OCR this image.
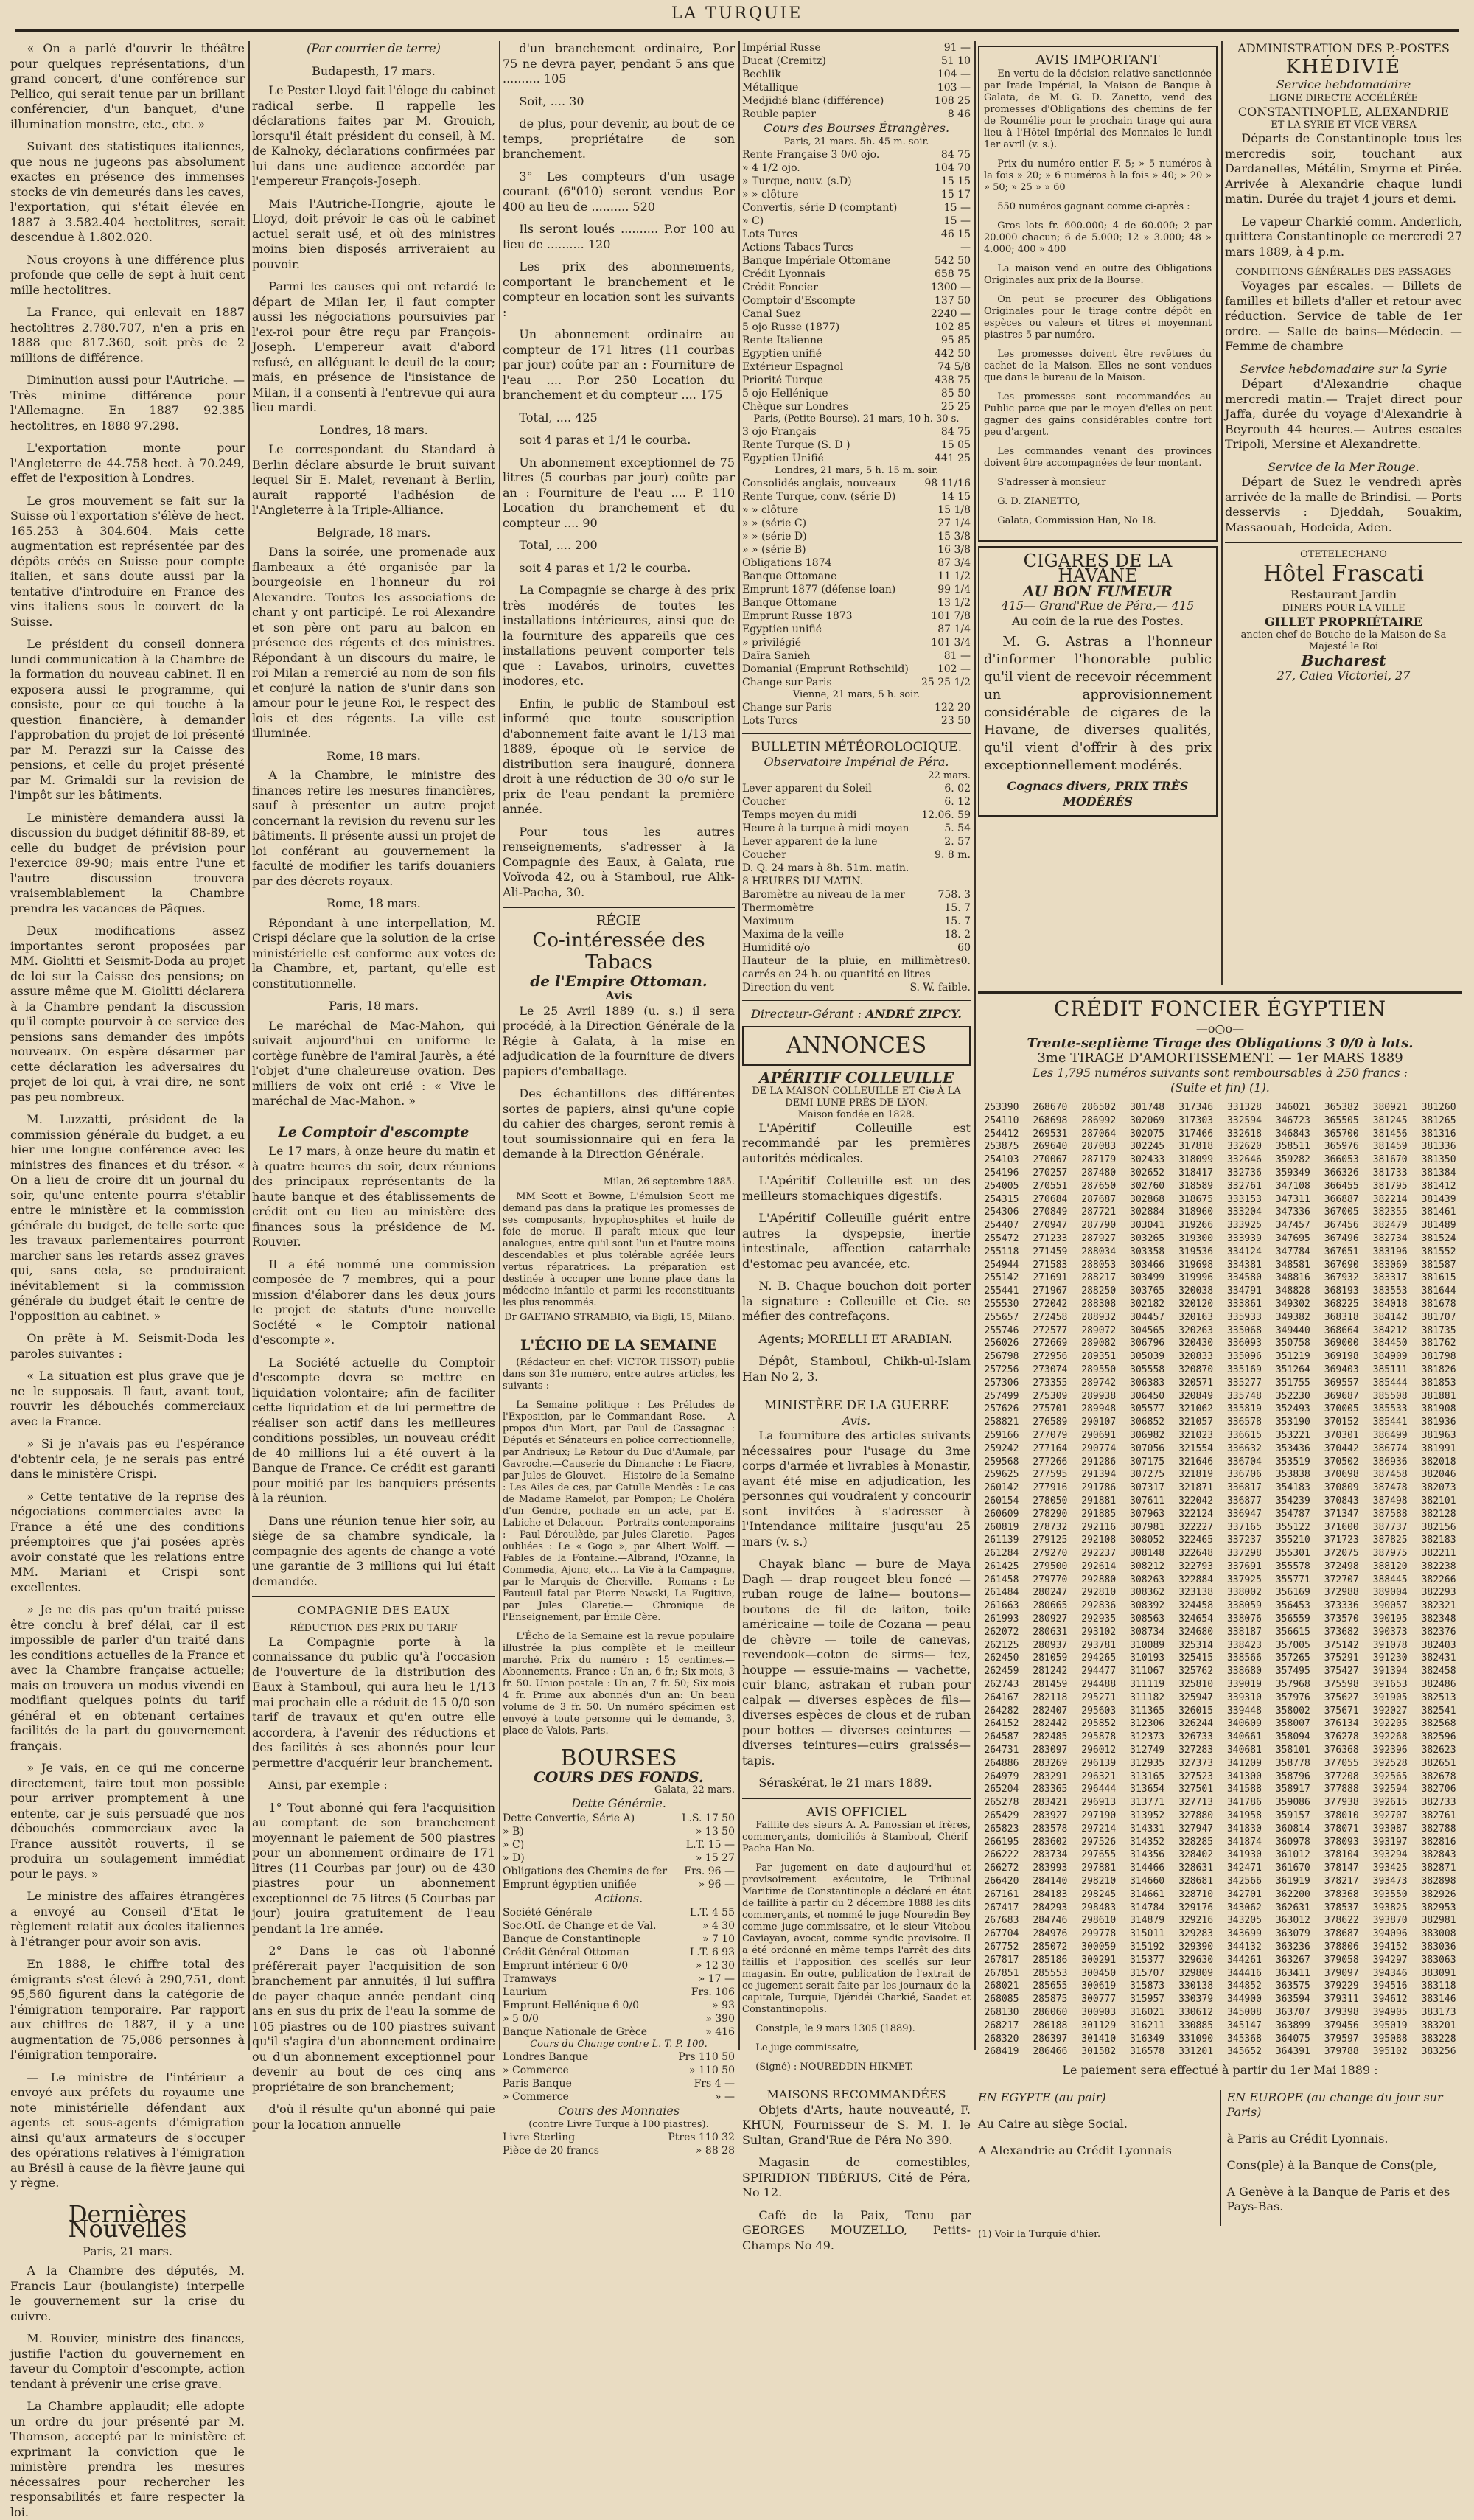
LA TURQUIE

« On a parlé d'ouvrir le théâtre pour quelques représentations, d'un grand concert, d'une conférence sur Pellico, qui serait tenue par un brillant conférencier, d'un banquet, d'une illumination monstre, etc., etc. »

Suivant des statistiques italiennes, que nous ne jugeons pas absolument exactes en présence des immenses stocks de vin demeurés dans les caves, l'exportation, qui s'était élevée en 1887 à 3.582.404 hectolitres, serait descendue à 1.802.020.

Nous croyons à une différence plus profonde que celle de sept à huit cent mille hectolitres.

La France, qui enlevait en 1887 hectolitres 2.780.707, n'en a pris en 1888 que 817.360, soit près de 2 millions de différence.

Diminution aussi pour l'Autriche. — Très minime différence pour l'Allemagne. En 1887 92.385 hectolitres, en 1888 97.298.

L'exportation monte pour l'Angleterre de 44.758 hect. à 70.249, effet de l'exposition à Londres.

Le gros mouvement se fait sur la Suisse où l'exportation s'élève de hect. 165.253 à 304.604. Mais cette augmentation est représentée par des dépôts créés en Suisse pour compte italien, et sans doute aussi par la tentative d'introduire en France des vins italiens sous le couvert de la Suisse.

Le président du conseil donnera lundi communication à la Chambre de la formation du nouveau cabinet. Il en exposera aussi le programme, qui consiste, pour ce qui touche à la question financière, à demander l'approbation du projet de loi présenté par M. Perazzi sur la Caisse des pensions, et celle du projet présenté par M. Grimaldi sur la revision de l'impôt sur les bâtiments.

Le ministère demandera aussi la discussion du budget définitif 88-89, et celle du budget de prévision pour l'exercice 89-90; mais entre l'une et l'autre discussion trouvera vraisemblablement la Chambre prendra les vacances de Pâques.

Deux modifications assez importantes seront proposées par MM. Giolitti et Seismit-Doda au projet de loi sur la Caisse des pensions; on assure même que M. Giolitti déclarera à la Chambre pendant la discussion qu'il compte pourvoir à ce service des pensions sans demander des impôts nouveaux. On espère désarmer par cette déclaration les adversaires du projet de loi qui, à vrai dire, ne sont pas peu nombreux.

M. Luzzatti, président de la commission générale du budget, a eu hier une longue conférence avec les ministres des finances et du trésor. « On a lieu de croire dit un journal du soir, qu'une entente pourra s'établir entre le ministère et la commission générale du budget, de telle sorte que les travaux parlementaires pourront marcher sans les retards assez graves qui, sans cela, se produiraient inévitablement si la commission générale du budget était le centre de l'opposition au cabinet. »

On prête à M. Seismit-Doda les paroles suivantes :

« La situation est plus grave que je ne le supposais. Il faut, avant tout, rouvrir les débouchés commerciaux avec la France.

» Si je n'avais pas eu l'espérance d'obtenir cela, je ne serais pas entré dans le ministère Crispi.

» Cette tentative de la reprise des négociations commerciales avec la France a été une des conditions préemptoires que j'ai posées après avoir constaté que les relations entre MM. Mariani et Crispi sont excellentes.

» Je ne dis pas qu'un traité puisse être conclu à bref délai, car il est impossible de parler d'un traité dans les conditions actuelles de la France et avec la Chambre française actuelle; mais on trouvera un modus vivendi en modifiant quelques points du tarif général et en obtenant certaines facilités de la part du gouvernement français.

» Je vais, en ce qui me concerne directement, faire tout mon possible pour arriver promptement à une entente, car je suis persuadé que nos débouchés commerciaux avec la France aussitôt rouverts, il se produira un soulagement immédiat pour le pays. »

Le ministre des affaires étrangères a envoyé au Conseil d'Etat le règlement relatif aux écoles italiennes à l'étranger pour avoir son avis.

En 1888, le chiffre total des émigrants s'est élevé à 290,751, dont 95,560 figurent dans la catégorie de l'émigration temporaire. Par rapport aux chiffres de 1887, il y a une augmentation de 75,086 personnes à l'émigration temporaire.

— Le ministre de l'intérieur a envoyé aux préfets du royaume une note ministérielle défendant aux agents et sous-agents d'émigration ainsi qu'aux armateurs de s'occuper des opérations relatives à l'émigration au Brésil à cause de la fièvre jaune qui y règne.

Dernières Nouvelles
Paris, 21 mars.

A la Chambre des députés, M. Francis Laur (boulangiste) interpelle le gouvernement sur la crise du cuivre.

M. Rouvier, ministre des finances, justifie l'action du gouvernement en faveur du Comptoir d'escompte, action tendant à prévenir une crise grave.

La Chambre applaudit; elle adopte un ordre du jour présenté par M. Thomson, accepté par le ministère et exprimant la conviction que le ministère prendra les mesures nécessaires pour rechercher les responsabilités et faire respecter la loi.

(Par courrier de terre)
Budapesth, 17 mars.

Le Pester Lloyd fait l'éloge du cabinet radical serbe. Il rappelle les déclarations faites par M. Grouich, lorsqu'il était président du conseil, à M. de Kalnoky, déclarations confirmées par lui dans une audience accordée par l'empereur François-Joseph.

Mais l'Autriche-Hongrie, ajoute le Lloyd, doit prévoir le cas où le cabinet actuel serait usé, et où des ministres moins bien disposés arriveraient au pouvoir.

Parmi les causes qui ont retardé le départ de Milan Ier, il faut compter aussi les négociations poursuivies par l'ex-roi pour être reçu par François-Joseph. L'empereur avait d'abord refusé, en alléguant le deuil de la cour; mais, en présence de l'insistance de Milan, il a consenti à l'entrevue qui aura lieu mardi.

Londres, 18 mars.

Le correspondant du Standard à Berlin déclare absurde le bruit suivant lequel Sir E. Malet, revenant à Berlin, aurait rapporté l'adhésion de l'Angleterre à la Triple-Alliance.

Belgrade, 18 mars.

Dans la soirée, une promenade aux flambeaux a été organisée par la bourgeoisie en l'honneur du roi Alexandre. Toutes les associations de chant y ont participé. Le roi Alexandre et son père ont paru au balcon en présence des régents et des ministres. Répondant à un discours du maire, le roi Milan a remercié au nom de son fils et conjuré la nation de s'unir dans son amour pour le jeune Roi, le respect des lois et des régents. La ville est illuminée.

Rome, 18 mars.

A la Chambre, le ministre des finances retire les mesures financières, sauf à présenter un autre projet concernant la revision du revenu sur les bâtiments. Il présente aussi un projet de loi conférant au gouvernement la faculté de modifier les tarifs douaniers par des décrets royaux.

Rome, 18 mars.

Répondant à une interpellation, M. Crispi déclare que la solution de la crise ministérielle est conforme aux votes de la Chambre, et, partant, qu'elle est constitutionnelle.

Paris, 18 mars.

Le maréchal de Mac-Mahon, qui suivait aujourd'hui en uniforme le cortège funèbre de l'amiral Jaurès, a été l'objet d'une chaleureuse ovation. Des milliers de voix ont crié : « Vive le maréchal de Mac-Mahon. »

Le Comptoir d'escompte

Le 17 mars, à onze heure du matin et à quatre heures du soir, deux réunions des principaux représentants de la haute banque et des établissements de crédit ont eu lieu au ministère des finances sous la présidence de M. Rouvier.

Il a été nommé une commission composée de 7 membres, qui a pour mission d'élaborer dans les deux jours le projet de statuts d'une nouvelle Société « le Comptoir national d'escompte ».

La Société actuelle du Comptoir d'escompte devra se mettre en liquidation volontaire; afin de faciliter cette liquidation et de lui permettre de réaliser son actif dans les meilleures conditions possibles, un nouveau crédit de 40 millions lui a été ouvert à la Banque de France. Ce crédit est garanti pour moitié par les banquiers présents à la réunion.

Dans une réunion tenue hier soir, au siège de sa chambre syndicale, la compagnie des agents de change a voté une garantie de 3 millions qui lui était demandée.

COMPAGNIE DES EAUX
RÉDUCTION DES PRIX DU TARIF

La Compagnie porte à la connaissance du public qu'à l'occasion de l'ouverture de la distribution des Eaux à Stamboul, qui aura lieu le 1/13 mai prochain elle a réduit de 15 0/0 son tarif de travaux et qu'en outre elle accordera, à l'avenir des réductions et des facilités à ses abonnés pour leur permettre d'acquérir leur branchement.

Ainsi, par exemple :

1° Tout abonné qui fera l'acquisition au comptant de son branchement moyennant le paiement de 500 piastres pour un abonnement ordinaire de 171 litres (11 Courbas par jour) ou de 430 piastres pour un abonnement exceptionnel de 75 litres (5 Courbas par jour) jouira gratuitement de l'eau pendant la 1re année.

2° Dans le cas où l'abonné préférerait payer l'acquisition de son branchement par annuités, il lui suffira de payer chaque année pendant cinq ans en sus du prix de l'eau la somme de 105 piastres ou de 100 piastres suivant qu'il s'agira d'un abonnement ordinaire ou d'un abonnement exceptionnel pour devenir au bout de ces cinq ans propriétaire de son branchement;

d'où il résulte qu'un abonné qui paie pour la location annuelle

d'un branchement ordinaire, P.or 75 ne devra payer, pendant 5 ans que .......... 105

Soit, .... 30

de plus, pour devenir, au bout de ce temps, propriétaire de son branchement.

3° Les compteurs d'un usage courant (6"010) seront vendus P.or 400 au lieu de .......... 520

Ils seront loués .......... P.or 100 au lieu de .......... 120

Les prix des abonnements, comportant le branchement et le compteur en location sont les suivants :

Un abonnement ordinaire au compteur de 171 litres (11 courbas par jour) coûte par an : Fourniture de l'eau .... P.or 250 Location du branchement et du compteur .... 175

Total, .... 425

soit 4 paras et 1/4 le courba.

Un abonnement exceptionnel de 75 litres (5 courbas par jour) coûte par an : Fourniture de l'eau .... P. 110 Location du branchement et du compteur .... 90

Total, .... 200

soit 4 paras et 1/2 le courba.

La Compagnie se charge à des prix très modérés de toutes les installations intérieures, ainsi que de la fourniture des appareils que ces installations peuvent comporter tels que : Lavabos, urinoirs, cuvettes inodores, etc.

Enfin, le public de Stamboul est informé que toute souscription d'abonnement faite avant le 1/13 mai 1889, époque où le service de distribution sera inauguré, donnera droit à une réduction de 30 o/o sur le prix de l'eau pendant la première année.

Pour tous les autres renseignements, s'adresser à la Compagnie des Eaux, à Galata, rue Voïvoda 42, ou à Stamboul, rue Alik-Ali-Pacha, 30.

RÉGIE
Co-intéressée des Tabacs
de l'Empire Ottoman.
Avis

Le 25 Avril 1889 (u. s.) il sera procédé, à la Direction Générale de la Régie à Galata, à la mise en adjudication de la fourniture de divers papiers d'emballage.

Des échantillons des différentes sortes de papiers, ainsi qu'une copie du cahier des charges, seront remis à tout soumissionnaire qui en fera la demande à la Direction Générale.

Milan, 26 septembre 1885.
MM Scott et Bowne, L'émulsion Scott me demand pas dans la pratique les promesses de ses composants, hypophosphites et huile de foie de morue. Il paraît mieux que leur analogues, entre qu'il sont l'un et l'autre moins descendables et plus tolérable agréée leurs vertus réparatrices. La préparation est destinée à occuper une bonne place dans la médecine infantile et parmi les reconstituants les plus renommés.
Dr GAETANO STRAMBIO, via Bigli, 15, Milano.
L'ÉCHO DE LA SEMAINE

(Rédacteur en chef: VICTOR TISSOT) publie dans son 31e numéro, entre autres articles, les suivants :

La Semaine politique : Les Préludes de l'Exposition, par le Commandant Rose. — A propos d'un Mort, par Paul de Cassagnac : Députés et Sénateurs en police correctionnelle, par Andrieux; Le Retour du Duc d'Aumale, par Gavroche.—Causerie du Dimanche : Le Fiacre, par Jules de Glouvet. — Histoire de la Semaine : Les Ailes de ces, par Catulle Mendès : Le cas de Madame Ramelot, par Pompon; Le Choléra d'un Gendre, pochade en un acte, par E. Labiche et Delacour.— Portraits contemporains :— Paul Déroulède, par Jules Claretie.— Pages oubliées : Le « Gogo », par Albert Wolff. — Fables de la Fontaine.—Albrand, l'Ozanne, la Commedia, Ajonc, etc... La Vie à la Campagne, par le Marquis de Cherville.— Romans : Le Fauteuil fatal par Pierre Newski, La Fugitive, par Jules Claretie.— Chronique de l'Enseignement, par Émile Cère.

L'Écho de la Semaine est la revue populaire illustrée la plus complète et le meilleur marché. Prix du numéro : 15 centimes.— Abonnements, France : Un an, 6 fr.; Six mois, 3 fr. 50. Union postale : Un an, 7 fr. 50; Six mois 4 fr. Prime aux abonnés d'un an: Un beau volume de 3 fr. 50. Un numéro spécimen est envoyé à toute personne qui le demande, 3, place de Valois, Paris.

BOURSES
COURS DES FONDS.
Galata, 22 mars.
Dette Générale.
Dette Convertie, Série A)	L.S. 17 50
» B)	» 13 50
» C)	L.T. 15 —
» D)	» 15 27
Obligations des Chemins de fer Frs. 96 —
Emprunt égyptien unifiée	» 96 —
Actions.
Société Générale	L.T. 4 55
Soc.OtI. de Change et de Val.	» 4 30
Banque de Constantinople	» 7 10
Crédit Général Ottoman	L.T. 6 93
Emprunt intérieur 6 0/0	» 12 30
Tramways	» 17 —
Laurium	Frs. 106
Emprunt Hellénique 6 0/0	» 93
» 5 0/0	» 390
Banque Nationale de Grèce	» 416
Cours du Change contre L. T. P. 100.
Londres Banque	Prs 110 50
» Commerce	» 110 50
Paris Banque	Frs 4 —
» Commerce	» —
Cours des Monnaies
(contre Livre Turque à 100 piastres).
Livre Sterling	Ptres 110 32
Pièce de 20 francs	» 88 28
Impérial Russe	91 —
Ducat (Cremitz)	51 10
Bechlik	104 —
Métallique	103 —
Medjidié blanc (différence)	108 25
Rouble papier	8 46
Cours des Bourses Étrangères.
Paris, 21 mars. 5h. 45 m. soir.
Rente Française 3 0/0 ojo.	84 75
» 4 1/2 ojo.	104 70
» Turque, nouv. (s.D)	15 15
» » clôture	15 17
Convertis, série D (comptant)	15 —
» C)	15 —
Lots Turcs	46 15
Actions Tabacs Turcs	—
Banque Impériale Ottomane	542 50
Crédit Lyonnais	658 75
Crédit Foncier	1300 —
Comptoir d'Escompte	137 50
Canal Suez	2240 —
5 ojo Russe (1877)	102 85
Rente Italienne	95 85
Egyptien unifié	442 50
Extérieur Espagnol	74 5/8
Priorité Turque	438 75
5 ojo Hellénique	85 50
Chèque sur Londres	25 25
Paris, (Petite Bourse). 21 mars, 10 h. 30 s.
3 ojo Français	84 75
Rente Turque (S. D )	15 05
Egyptien Unifié	441 25
Londres, 21 mars, 5 h. 15 m. soir.
Consolidés anglais, nouveaux	98 11/16
Rente Turque, conv. (série D)	14 15
» » clôture	15 1/8
» » (série C)	27 1/4
» » (série D)	15 3/8
» » (série B)	16 3/8
Obligations 1874	87 3/4
Banque Ottomane	11 1/2
Emprunt 1877 (défense loan)	99 1/4
Banque Ottomane	13 1/2
Emprunt Russe 1873	101 7/8
Egyptien unifié	87 1/4
» privilégié	101 3/4
Daïra Sanieh	81 —
Domanial (Emprunt Rothschild)	102 —
Change sur Paris	25 25 1/2
Vienne, 21 mars, 5 h. soir.
Change sur Paris	122 20
Lots Turcs	23 50
BULLETIN MÉTÉOROLOGIQUE.
Observatoire Impérial de Péra.
22 mars.
Lever apparent du Soleil	6. 02
Coucher	6. 12
Temps moyen du midi	12.06. 59
Heure à la turque à midi moyen	5. 54
Lever apparent de la lune	2. 57
Coucher	9. 8 m.
D. Q. 24 mars à 8h. 51m. matin.
8 HEURES DU MATIN.
Baromètre au niveau de la mer	758. 3
Thermomètre	15. 7
Maximum	15. 7
Maxima de la veille	18. 2
Humidité o/o	60
Hauteur de la pluie, en millimètres carrés en 24 h. ou quantité en litres
0.
Direction du vent	S.-W. faible.
Directeur-Gérant : ANDRÉ ZIPCY.
ANNONCES
APÉRITIF COLLEUILLE
DE LA MAISON COLLEUILLE ET Cie À LA DEMI-LUNE PRÈS DE LYON.
Maison fondée en 1828.

L'Apéritif Colleuille est recommandé par les premières autorités médicales.

L'Apéritif Colleuille est un des meilleurs stomachiques digestifs.

L'Apéritif Colleuille guérit entre autres la dyspepsie, inertie intestinale, affection catarrhale d'estomac peu avancée, etc.

N. B. Chaque bouchon doit porter la signature : Colleuille et Cie. se méfier des contrefaçons.

Agents; MORELLI ET ARABIAN.

Dépôt, Stamboul, Chikh-ul-Islam Han No 2, 3.

MINISTÈRE DE LA GUERRE
Avis.

La fourniture des articles suivants nécessaires pour l'usage du 3me corps d'armée et livrables à Monastir, ayant été mise en adjudication, les personnes qui voudraient y concourir sont invitées à s'adresser à l'Intendance militaire jusqu'au 25 mars (v. s.)

Chayak blanc — bure de Maya Dagh — drap rougeet bleu foncé — ruban rouge de laine— boutons— boutons de fil de laiton, toile américaine — toile de Cozana — peau de chèvre — toile de canevas, revendook—coton de sirms— fez, houppe — essuie-mains — vachette, cuir blanc, astrakan et ruban pour calpak — diverses espèces de fils— diverses espèces de clous et de ruban pour bottes — diverses ceintures — diverses teintures—cuirs graissés— tapis.

Séraskérat, le 21 mars 1889.

AVIS OFFICIEL

Faillite des sieurs A. A. Panossian et frères, commerçants, domiciliés à Stamboul, Chérif-Pacha Han No.

Par jugement en date d'aujourd'hui et provisoirement exécutoire, le Tribunal Maritime de Constantinople a déclaré en état de faillite à partir du 2 décembre 1888 les dits commerçants, et nommé le juge Nouredin Bey comme juge-commissaire, et le sieur Vitebou Caviayan, avocat, comme syndic provisoire. Il a été ordonné en même temps l'arrêt des dits faillis et l'apposition des scellés sur leur magasin. En outre, publication de l'extrait de ce jugement serait faite par les journaux de la capitale, Turquie, Djéridéi Charkié, Saadet et Constantinopolis.

Constple, le 9 mars 1305 (1889).

Le juge-commissaire,

(Signé) : NOUREDDIN HIKMET.

MAISONS RECOMMANDÉES

Objets d'Arts, haute nouveauté, F. KHUN, Fournisseur de S. M. I. le Sultan, Grand'Rue de Péra No 390.

Magasin de comestibles, SPIRIDION TIBÉRIUS, Cité de Péra, No 12.

Café de la Paix, Tenu par GEORGES MOUZELLO, Petits-Champs No 49.

AVIS IMPORTANT

En vertu de la décision relative sanctionnée par Irade Impérial, la Maison de Banque à Galata, de M. G. D. Zanetto, vend des promesses d'Obligations des chemins de fer de Roumélie pour le prochain tirage qui aura lieu à l'Hôtel Impérial des Monnaies le lundi 1er avril (v. s.).

Prix du numéro entier F. 5; » 5 numéros à la fois » 20; » 6 numéros à la fois » 40; » 20 » » 50; » 25 » » 60

550 numéros gagnant comme ci-après :

Gros lots fr. 600.000; 4 de 60.000; 2 par 20.000 chacun; 6 de 5.000; 12 » 3.000; 48 » 4.000; 400 » 400

La maison vend en outre des Obligations Originales aux prix de la Bourse.

On peut se procurer des Obligations Originales pour le tirage contre dépôt en espèces ou valeurs et titres et moyennant piastres 5 par numéro.

Les promesses doivent être revêtues du cachet de la Maison. Elles ne sont vendues que dans le bureau de la Maison.

Les promesses sont recommandées au Public parce que par le moyen d'elles on peut gagner des gains considérables contre fort peu d'argent.

Les commandes venant des provinces doivent être accompagnées de leur montant.

S'adresser à monsieur

G. D. ZIANETTO,

Galata, Commission Han, No 18.

CIGARES DE LA HAVANE
AU BON FUMEUR
415— Grand'Rue de Péra,— 415
Au coin de la rue des Postes.

M. G. Astras a l'honneur d'informer l'honorable public qu'il vient de recevoir récemment un approvisionnement considérable de cigares de la Havane, de diverses qualités, qu'il vient d'offrir à des prix exceptionnellement modérés.

Cognacs divers, PRIX TRÈS MODÉRÉS
ADMINISTRATION DES P.-POSTES
KHÉDIVIÉ
Service hebdomadaire
LIGNE DIRECTE ACCÉLÉRÉE
CONSTANTINOPLE, ALEXANDRIE
ET LA SYRIE ET VICE-VERSA

Départs de Constantinople tous les mercredis soir, touchant aux Dardanelles, Métélin, Smyrne et Pirée. Arrivée à Alexandrie chaque lundi matin. Durée du trajet 4 jours et demi.

Le vapeur Charkié comm. Anderlich, quittera Constantinople ce mercredi 27 mars 1889, à 4 p.m.

CONDITIONS GÉNÉRALES DES PASSAGES

Voyages par escales. — Billets de familles et billets d'aller et retour avec réduction. Service de table de 1er ordre. — Salle de bains—Médecin. — Femme de chambre

Service hebdomadaire sur la Syrie

Départ d'Alexandrie chaque mercredi matin.— Trajet direct pour Jaffa, durée du voyage d'Alexandrie à Beyrouth 44 heures.— Autres escales Tripoli, Mersine et Alexandrette.

Service de la Mer Rouge.

Départ de Suez le vendredi après arrivée de la malle de Brindisi. — Ports desservis : Djeddah, Souakim, Massaouah, Hodeida, Aden.

OTETELECHANO
Hôtel Frascati
Restaurant Jardin
DINERS POUR LA VILLE
GILLET PROPRIÉTAIRE
ancien chef de Bouche de la Maison de Sa Majesté le Roi
Bucharest
27, Calea Victoriei, 27
CRÉDIT FONCIER ÉGYPTIEN
—o○o—
Trente-septième Tirage des Obligations 3 0/0 à lots.
3me TIRAGE D'AMORTISSEMENT. — 1er MARS 1889
Les 1,795 numéros suivants sont remboursables à 250 francs :
(Suite et fin) (1).
253390	268670	286502	301748	317346	331328	346021	365382	380921	381260
254110	268698	286992	302069	317303	332594	346723	365505	381245	381265
254412	269531	287064	302075	317466	332618	346843	365700	381456	381316
253875	269640	287083	302245	317818	332620	358511	365976	381459	381336
254103	270067	287179	302433	318099	332646	359282	366053	381670	381350
254196	270257	287480	302652	318417	332736	359349	366326	381733	381384
254005	270551	287650	302760	318589	332761	347108	366455	381795	381412
254315	270684	287687	302868	318675	333153	347311	366887	382214	381439
254306	270849	287721	302884	318960	333204	347336	367005	382355	381461
254407	270947	287790	303041	319266	333925	347457	367456	382479	381489
255472	271233	287927	303265	319300	333939	347695	367496	382734	381524
255118	271459	288034	303358	319536	334124	347784	367651	383196	381552
254944	271583	288053	303466	319698	334381	348581	367690	383069	381587
255142	271691	288217	303499	319996	334580	348816	367932	383317	381615
255441	271967	288250	303765	320038	334791	348828	368193	383553	381644
255530	272042	288308	302182	320120	333861	349302	368225	384018	381678
255657	272458	288932	304457	320163	335933	349382	368318	384142	381707
255746	272577	289072	304565	320263	335068	349440	368664	384212	381735
256026	272669	289082	306796	320430	336093	350758	369000	384450	381762
256798	272956	289351	305039	320833	335096	351219	369198	384909	381798
257256	273074	289550	305558	320870	335169	351264	369403	385111	381826
257306	273355	289742	306383	320571	335277	351755	369557	385444	381853
257499	275309	289938	306450	320849	335748	352230	369687	385508	381881
257626	275701	289948	305577	321062	335819	352493	370005	385533	381908
258821	276589	290107	306852	321057	336578	353190	370152	385441	381936
259166	277079	290691	306982	321023	336615	353221	370301	386499	381963
259242	277164	290774	307056	321554	336632	353436	370442	386774	381991
259568	277266	291286	307175	321646	336704	353519	370502	386936	382018
259625	277595	291394	307275	321819	336706	353838	370698	387458	382046
260142	277916	291786	307317	321871	336817	354183	370809	387478	382073
260154	278050	291881	307611	322042	336877	354239	370843	387498	382101
260609	278290	291885	307963	322124	336947	354787	371347	387588	382128
260819	278732	292116	307981	322227	337165	355122	371600	387737	382156
261139	279125	292108	308052	322465	337237	355210	371723	387825	382183
261284	279270	292237	308148	322648	337298	355301	372075	387975	382211
261425	279500	292614	308212	322793	337691	355578	372498	388120	382238
261458	279770	292880	308263	322884	337925	355771	372707	388445	382266
261484	280247	292810	308362	323138	338002	356169	372988	389004	382293
261663	280665	292836	308392	324458	338059	356453	373336	390057	382321
261993	280927	292935	308563	324654	338076	356559	373570	390195	382348
262072	280631	293102	308734	324680	338187	356615	373682	390373	382376
262125	280937	293781	310089	325314	338423	357005	375142	391078	382403
262450	281059	294265	310193	325415	338566	357265	375291	391230	382431
262459	281242	294477	311067	325762	338680	357495	375427	391394	382458
262743	281459	294488	311119	325810	339019	357968	375598	391653	382486
264167	282118	295271	311182	325947	339310	357976	375627	391905	382513
264282	282407	295603	311365	326015	339448	358002	375671	392027	382541
264152	282442	295852	312306	326244	340609	358007	376134	392205	382568
264587	282485	295878	312373	326733	340661	358094	376278	392268	382596
264731	283097	296012	312749	327283	340681	358101	376368	392396	382623
264886	283269	296139	312935	327373	341209	358778	377055	392528	382651
264979	283291	296321	313165	327523	341300	358796	377208	392565	382678
265204	283365	296444	313654	327501	341588	358917	377888	392594	382706
265278	283421	296913	313771	327713	341786	359086	377938	392615	382733
265429	283927	297190	313952	327880	341958	359157	378010	392707	382761
265823	283578	297214	314331	327947	341830	360814	378071	393087	382788
266195	283602	297526	314352	328285	341874	360978	378093	393197	382816
266222	283734	297655	314356	328402	341930	361012	378104	393294	382843
266272	283993	297881	314466	328631	342471	361670	378147	393425	382871
266420	284140	298210	314660	328681	342566	361919	378217	393473	382898
267161	284183	298245	314661	328710	342701	362200	378368	393550	382926
267417	284293	298483	314784	329176	343062	362631	378537	393825	382953
267683	284746	298610	314879	329216	343205	363012	378622	393870	382981
267704	284976	299778	315011	329283	343699	363079	378687	394096	383008
267752	285072	300059	315192	329390	344132	363236	378806	394152	383036
267817	285186	300291	315377	329630	344261	363267	379058	394297	383063
267851	285553	300450	315707	329809	344416	363411	379097	394346	383091
268021	285655	300619	315873	330138	344852	363575	379229	394516	383118
268085	285875	300777	315957	330379	344900	363594	379311	394612	383146
268130	286060	300903	316021	330612	345008	363707	379398	394905	383173
268217	286188	301129	316211	330885	345147	363899	379456	395019	383201
268320	286397	301410	316349	331090	345368	364075	379597	395088	383228
268419	286466	301582	316578	331201	345652	364391	379788	395102	383256
Le paiement sera effectué à partir du 1er Mai 1889 :
EN EGYPTE (au pair)

Au Caire au siège Social.

A Alexandrie au Crédit Lyonnais

EN EUROPE (au change du jour sur Paris)

à Paris au Crédit Lyonnais.

Cons(ple) à la Banque de Cons(ple,

A Genève à la Banque de Paris et des Pays-Bas.

(1) Voir la Turquie d'hier.
